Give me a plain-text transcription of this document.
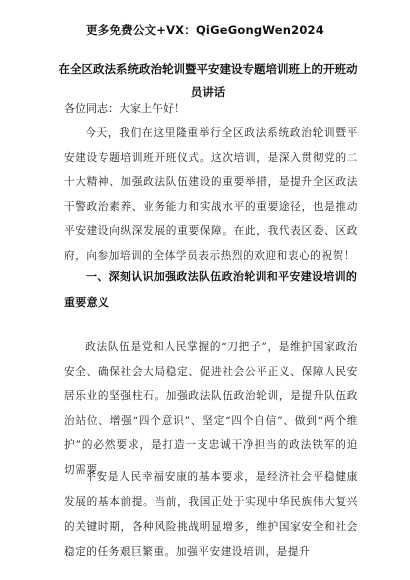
更多免费公文+VX：QiGeGongWen2024
在全区政法系统政治轮训暨平安建设专题培训班上的开班动员讲话
各位同志：大家上午好！
今天，我们在这里隆重举行全区政法系统政治轮训暨平安建设专题培训班开班仪式。这次培训，是深入贯彻党的二十大精神、加强政法队伍建设的重要举措，是提升全区政法干警政治素养、业务能力和实战水平的重要途径，也是推动平安建设向纵深发展的重要保障。在此，我代表区委、区政府，向参加培训的全体学员表示热烈的欢迎和衷心的祝贺！
一、深刻认识加强政法队伍政治轮训和平安建设培训的重要意义
政法队伍是党和人民掌握的“刀把子”，是维护国家政治安全、确保社会大局稳定、促进社会公平正义、保障人民安居乐业的坚强柱石。加强政法队伍政治轮训，是提升队伍政治站位、增强“四个意识”、坚定“四个自信”、做到“两个维护”的必然要求，是打造一支忠诚干净担当的政法铁军的迫切需要。
平安是人民幸福安康的基本要求，是经济社会平稳健康发展的基本前提。当前，我国正处于实现中华民族伟大复兴的关键时期，各种风险挑战明显增多，维护国家安全和社会稳定的任务艰巨繁重。加强平安建设培训，是提升
